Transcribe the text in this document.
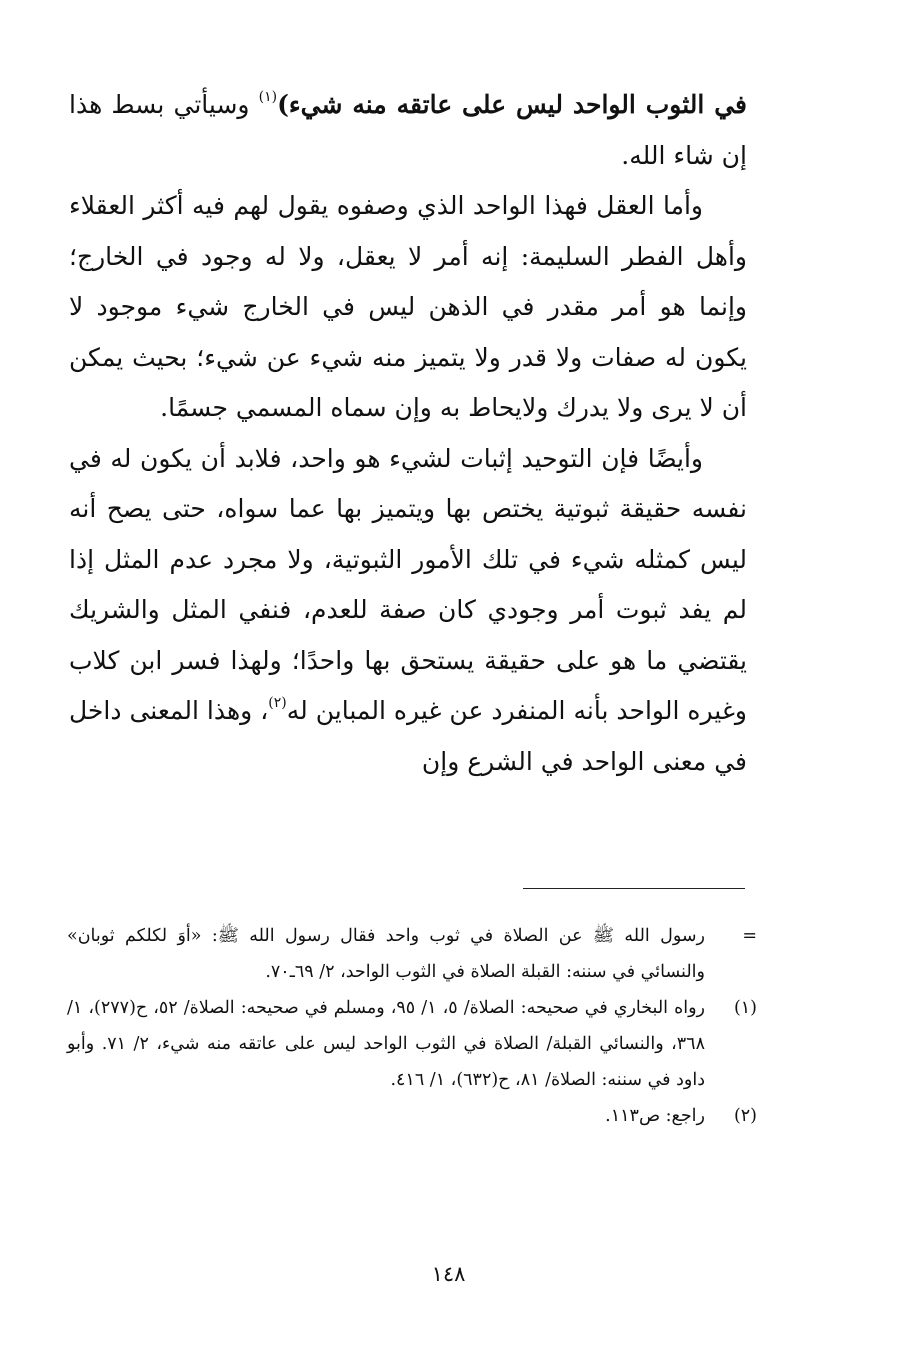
في الثوب الواحد ليس على عاتقه منه شيء)$^{(١)}$ وسيأتي بسط هذا إن شاء الله.

وأما العقل فهذا الواحد الذي وصفوه يقول لهم فيه أكثر العقلاء وأهل الفطر السليمة: إنه أمر لا يعقل، ولا له وجود في الخارج؛ وإنما هو أمر مقدر في الذهن ليس في الخارج شيء موجود لا يكون له صفات ولا قدر ولا يتميز منه شيء عن شيء؛ بحيث يمكن أن لا يرى ولا يدرك ولايحاط به وإن سماه المسمي جسمًا.

وأيضًا فإن التوحيد إثبات لشيء هو واحد، فلابد أن يكون له في نفسه حقيقة ثبوتية يختص بها ويتميز بها عما سواه، حتى يصح أنه ليس كمثله شيء في تلك الأمور الثبوتية، ولا مجرد عدم المثل إذا لم يفد ثبوت أمر وجودي كان صفة للعدم، فنفي المثل والشريك يقتضي ما هو على حقيقة يستحق بها واحدًا؛ ولهذا فسر ابن كلاب وغيره الواحد بأنه المنفرد عن غيره المباين له$^{(٢)}$، وهذا المعنى داخل في معنى الواحد في الشرع وإن

=
رسول الله ﷺ عن الصلاة في ثوب واحد فقال رسول الله ﷺ: «أوَ لكلكم ثوبان» والنسائي في سننه: القبلة الصلاة في الثوب الواحد، ٢/ ٦٩ـ٧٠.
(١)
رواه البخاري في صحيحه: الصلاة/ ٥، ١/ ٩٥، ومسلم في صحيحه: الصلاة/ ٥٢، ح(٢٧٧)، ١/ ٣٦٨، والنسائي القبلة/ الصلاة في الثوب الواحد ليس على عاتقه منه شيء، ٢/ ٧١. وأبو داود في سننه: الصلاة/ ٨١، ح(٦٣٢)، ١/ ٤١٦.
(٢)
راجع: ص١١٣.
١٤٨
